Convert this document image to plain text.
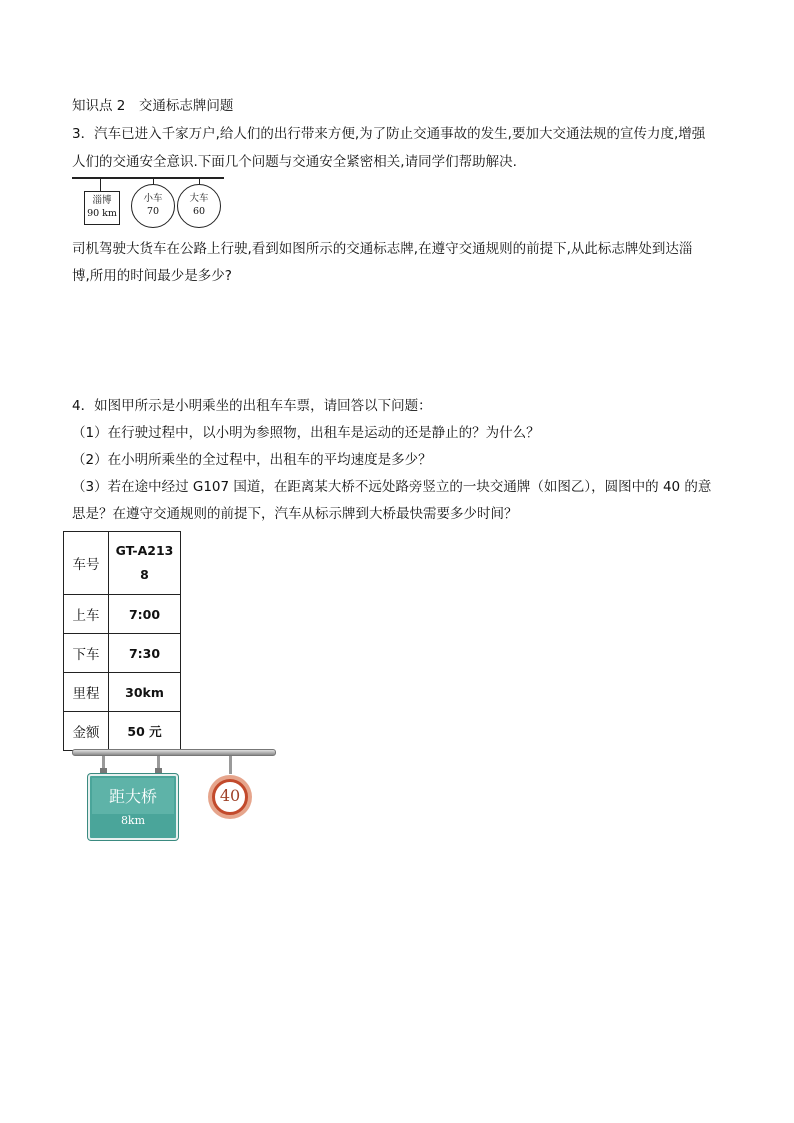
知识点 2　交通标志牌问题
3．汽车已进入千家万户,给人们的出行带来方便,为了防止交通事故的发生,要加大交通法规的宣传力度,增强
人们的交通安全意识.下面几个问题与交通安全紧密相关,请同学们帮助解决.
淄博
90 km
小车
70
大车
60
司机驾驶大货车在公路上行驶,看到如图所示的交通标志牌,在遵守交通规则的前提下,从此标志牌处到达淄
博,所用的时间最少是多少?
4．如图甲所示是小明乘坐的出租车车票，请回答以下问题：
（1）在行驶过程中，以小明为参照物，出租车是运动的还是静止的？为什么？
（2）在小明所乘坐的全过程中，出租车的平均速度是多少？
（3）若在途中经过 G107 国道，在距离某大桥不远处路旁竖立的一块交通牌（如图乙），圆图中的 40 的意
思是？在遵守交通规则的前提下，汽车从标示牌到大桥最快需要多少时间？
车号	GT-A213
8

上车	7:00
下车	7:30
里程	30km
金额	50 元
距大桥
8km
40
